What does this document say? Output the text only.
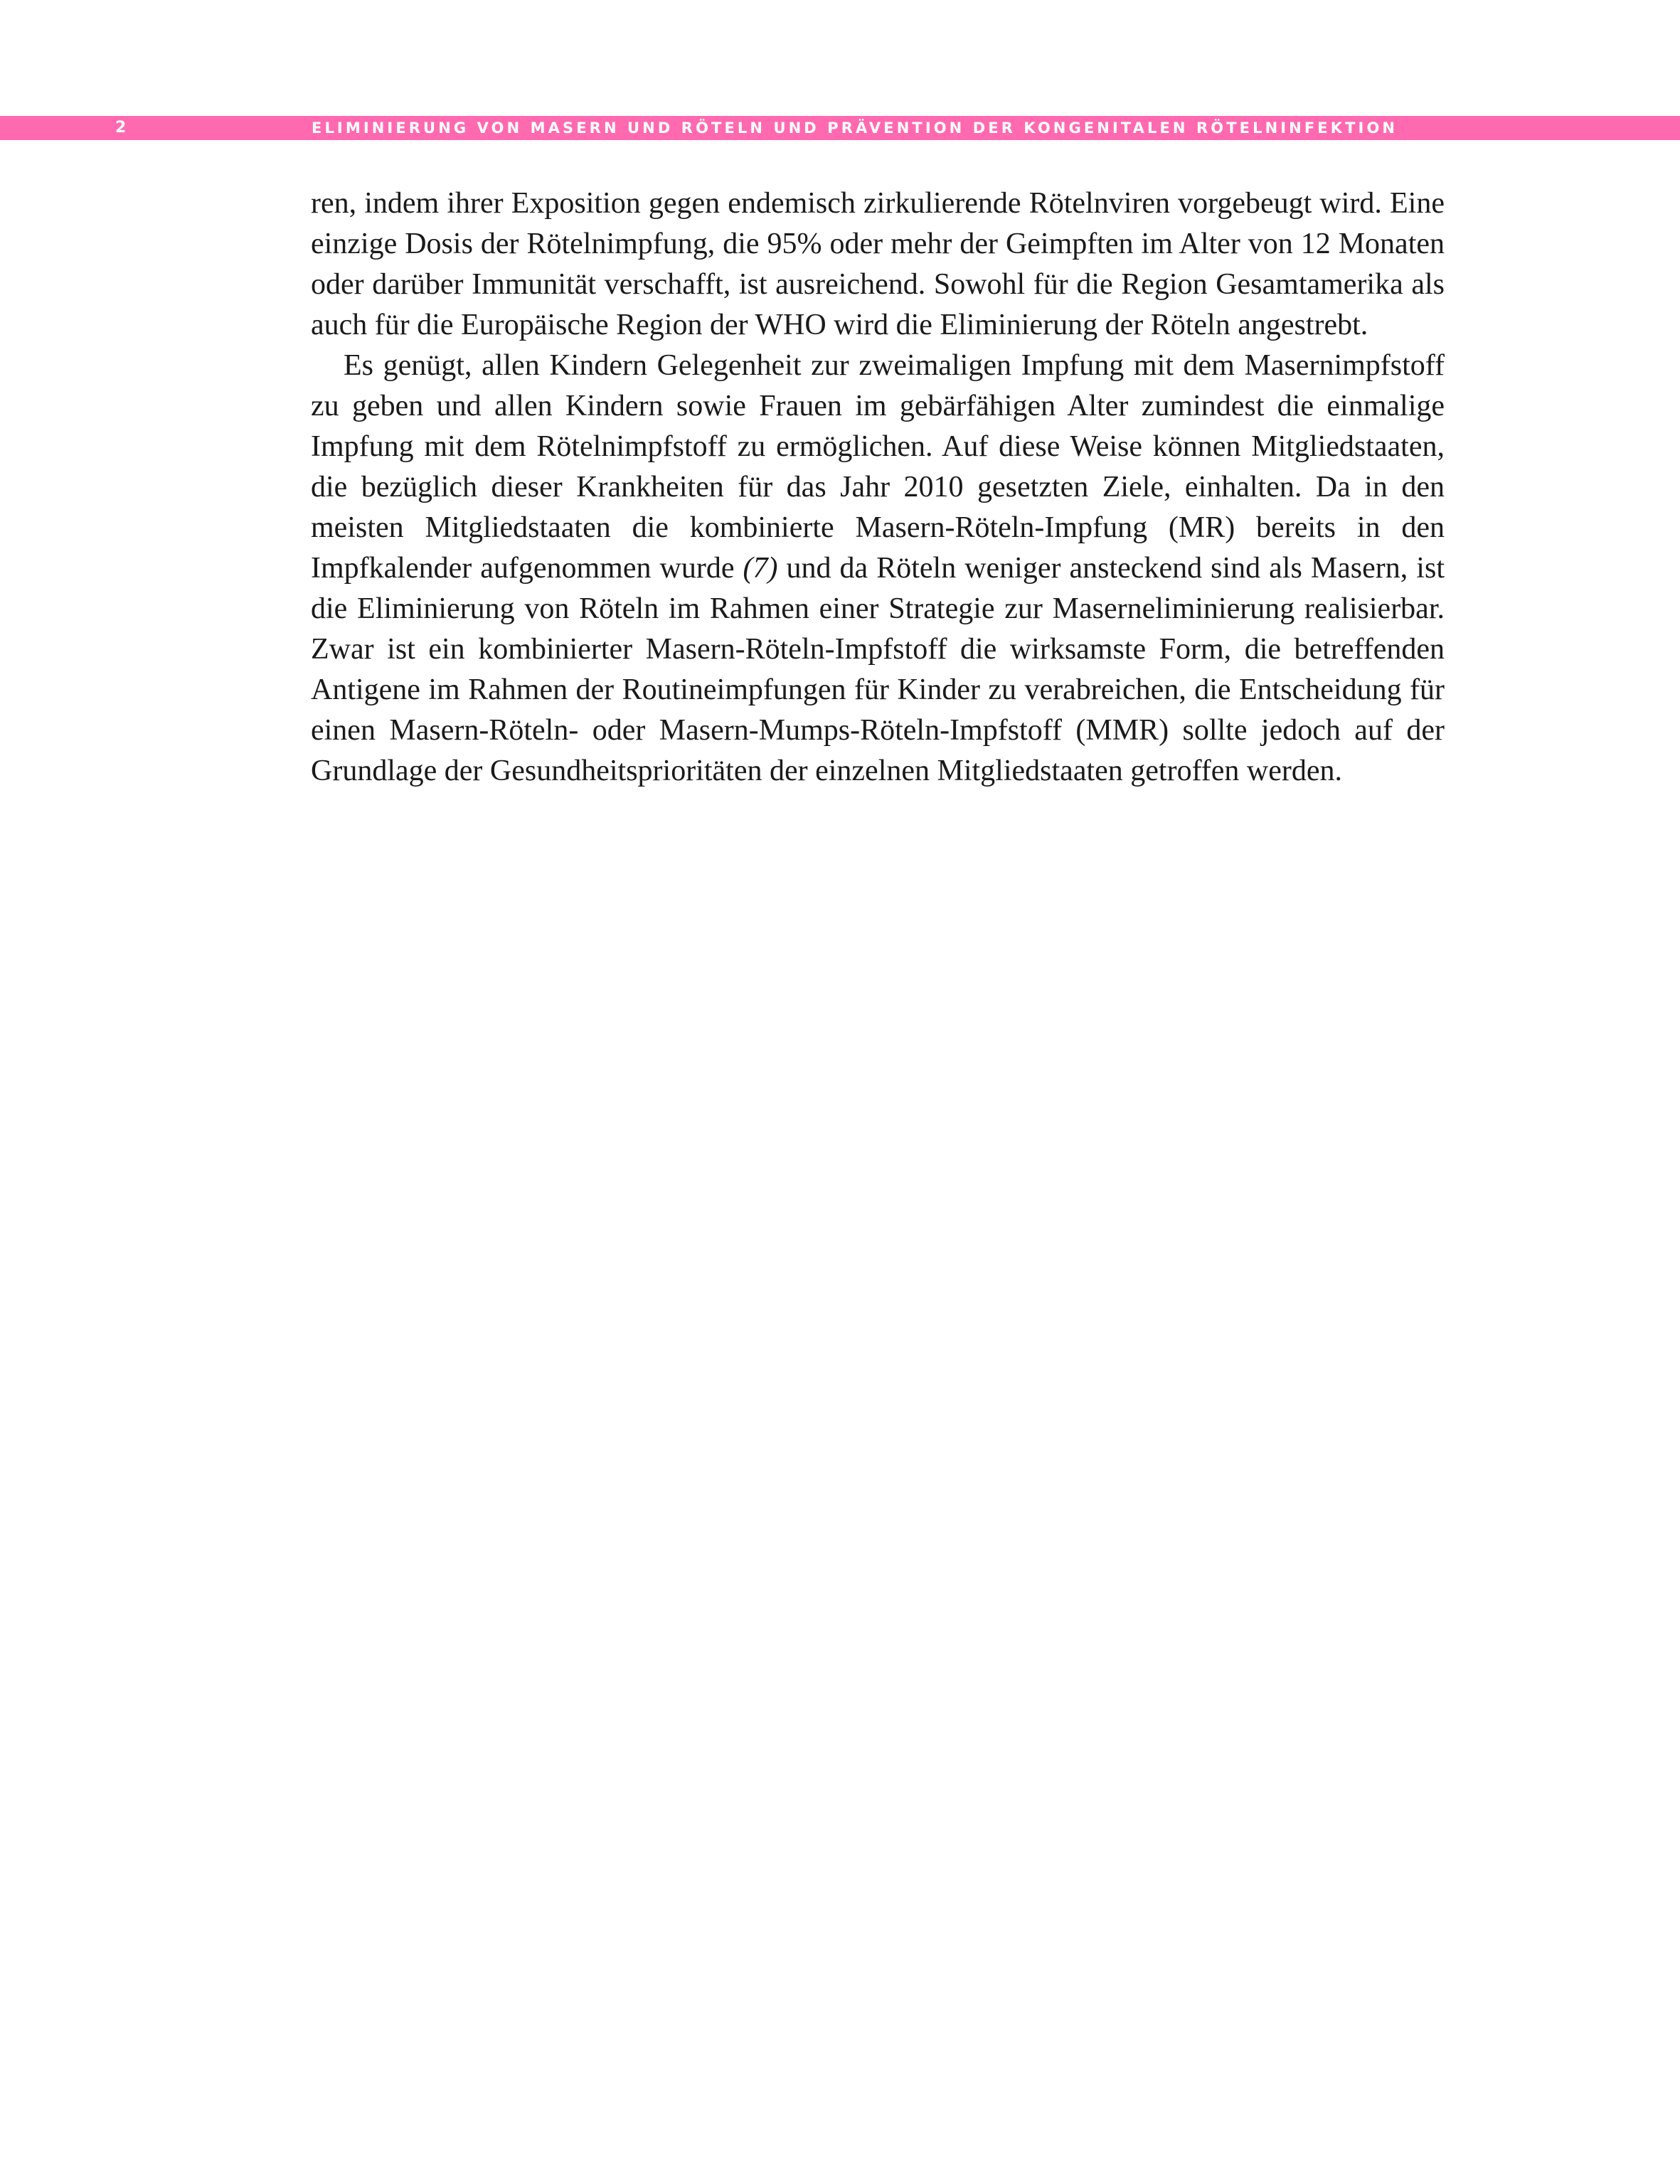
2	ELIMINIERUNG VON MASERN UND RÖTELN UND PRÄVENTION DER KONGENITALEN RÖTELNINFEKTION

ren, indem ihrer Exposition gegen endemisch zirkulierende Rötelnviren vorgebeugt wird. Eine einzige Dosis der Rötelnimpfung, die 95% oder mehr der Geimpften im Alter von 12 Monaten oder darüber Immunität verschafft, ist ausreichend. Sowohl für die Region Gesamtamerika als auch für die Europäische Region der WHO wird die Eliminierung der Röteln angestrebt.

Es genügt, allen Kindern Gelegenheit zur zweimaligen Impfung mit dem Masernimpfstoff zu geben und allen Kindern sowie Frauen im gebärfähigen Alter zumindest die einmalige Impfung mit dem Rötelnimpfstoff zu ermöglichen. Auf diese Weise können Mitgliedstaaten, die bezüglich dieser Krankheiten für das Jahr 2010 gesetzten Ziele, einhalten. Da in den meisten Mitgliedstaaten die kombinierte Masern-Röteln-Impfung (MR) bereits in den Impfkalender aufgenommen wurde (7) und da Röteln weniger ansteckend sind als Masern, ist die Eliminierung von Röteln im Rahmen einer Strategie zur Maserneliminierung realisierbar. Zwar ist ein kombinierter Masern-Röteln-Impfstoff die wirksamste Form, die betreffenden Antigene im Rahmen der Routineimpfungen für Kinder zu verabreichen, die Entscheidung für einen Masern-Röteln- oder Masern-Mumps-Röteln-Impfstoff (MMR) sollte jedoch auf der Grundlage der Gesundheitsprioritäten der einzelnen Mitgliedstaaten getroffen werden.
